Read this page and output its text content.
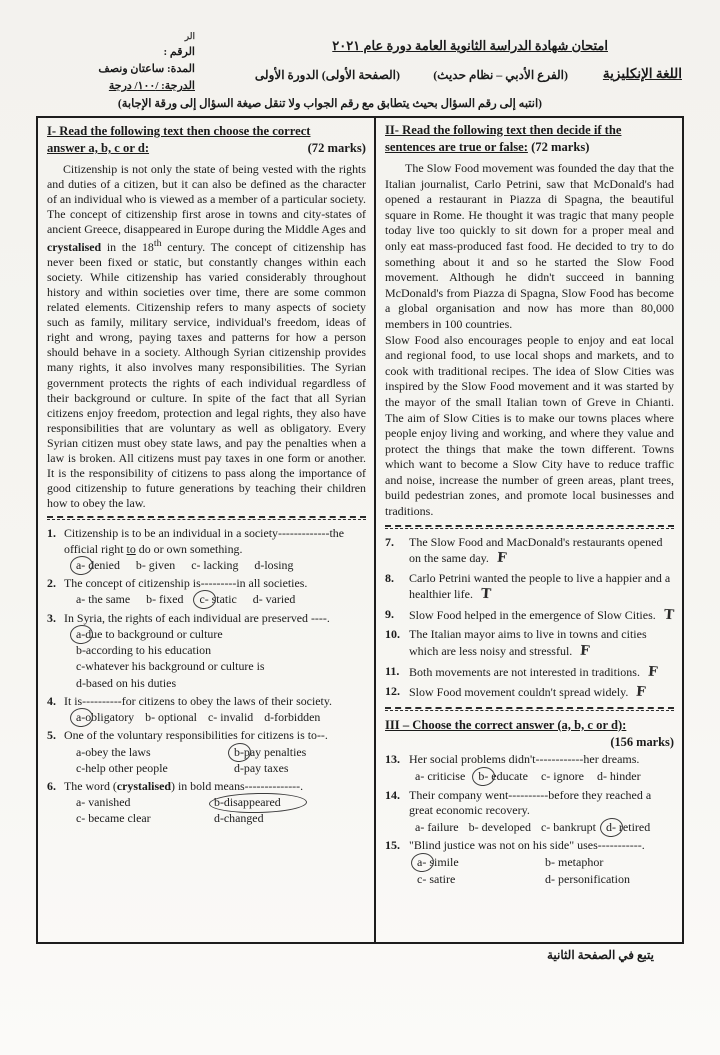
امتحان شهادة الدراسة الثانوية العامة دورة عام ٢٠٢١
اللغة الإنكليزية
(الفرع الأدبي – نظام حديث)
(الصفحة الأولى) الدورة الأولى
(انتبه إلى رقم السؤال بحيث يتطابق مع رقم الجواب ولا تنقل صيغة السؤال إلى ورقة الإجابة)
الر
الرقم :
المدة: ساعتان ونصف
الدرجة: /١٠٠/ درجة
I- Read the following text then choose the correct
answer a, b, c or d:	(72 marks)
Citizenship is not only the state of being vested with the rights and duties of a citizen, but it can also be defined as the character of an individual who is viewed as a member of a particular society. The concept of citizenship first arose in towns and city-states of ancient Greece, disappeared in Europe during the Middle Ages and crystalised in the 18th century. The concept of citizenship has never been fixed or static, but constantly changes within each society. While citizenship has varied considerably throughout history and within societies over time, there are some common related elements. Citizenship refers to many aspects of society such as family, military service, individual's freedom, ideas of right and wrong, paying taxes and patterns for how a person should behave in a society. Although Syrian citizenship provides many rights, it also involves many responsibilities. The Syrian government protects the rights of each individual regardless of their background or culture. In spite of the fact that all Syrian citizens enjoy freedom, protection and legal rights, they also have responsibilities that are voluntary as well as obligatory. Every Syrian citizen must obey state laws, and pay the penalties when a law is broken. All citizens must pay taxes in one form or another. It is the responsibility of citizens to pass along the importance of good citizenship to future generations by teaching their children how to obey the law.
1. Citizenship is to be an individual in a society-------------the official right to do or own something.
a- denied b- given c- lacking d-losing
2. The concept of citizenship is---------in all societies.
a- the same b- fixed c- static d- varied
3. In Syria, the rights of each individual are preserved ----.
a-due to background or culture
b-according to his education
c-whatever his background or culture is
d-based on his duties
4. It is----------for citizens to obey the laws of their society.
a-obligatory b- optional c- invalid d-forbidden
5. One of the voluntary responsibilities for citizens is to--.
a-obey the laws	b-pay penalties
c-help other people	d-pay taxes
6. The word (crystalised) in bold means--------------.
a- vanished	b-disappeared
c- became clear	d-changed
II- Read the following text then decide if the
sentences are true or false: (72 marks)
The Slow Food movement was founded the day that the Italian journalist, Carlo Petrini, saw that McDonald's had opened a restaurant in Piazza di Spagna, the beautiful square in Rome. He thought it was tragic that many people today live too quickly to sit down for a proper meal and only eat mass-produced fast food. He decided to try to do something about it and so he started the Slow Food movement. Although he didn't succeed in banning McDonald's from Piazza di Spagna, Slow Food has become a global organisation and now has more than 80,000 members in 100 countries.
Slow Food also encourages people to enjoy and eat local and regional food, to use local shops and markets, and to cook with traditional recipes. The idea of Slow Cities was inspired by the Slow Food movement and it was started by the mayor of the small Italian town of Greve in Chianti. The aim of Slow Cities is to make our towns places where people enjoy living and working, and where they value and protect the things that make the town different. Towns which want to become a Slow City have to reduce traffic and noise, increase the number of green areas, plant trees, build pedestrian zones, and promote local businesses and traditions.
7.	The Slow Food and MacDonald's restaurants opened on the same day. F
8.	Carlo Petrini wanted the people to live a happier and a healthier life. T
9.	Slow Food helped in the emergence of Slow Cities. T
10. The Italian mayor aims to live in towns and cities which are less noisy and stressful. F
11. Both movements are not interested in traditions. F
12. Slow Food movement couldn't spread widely. F
III – Choose the correct answer (a, b, c or d):
(156 marks)
13. Her social problems didn't------------her dreams.
a- criticise b- educate c- ignore d- hinder
14. Their company went----------before they reached a great economic recovery.
a- failure b- developed c- bankrupt d- retired
15. "Blind justice was not on his side" uses-----------.
a- simile	b- metaphor
c- satire	d- personification
يتبع في الصفحة الثانية
